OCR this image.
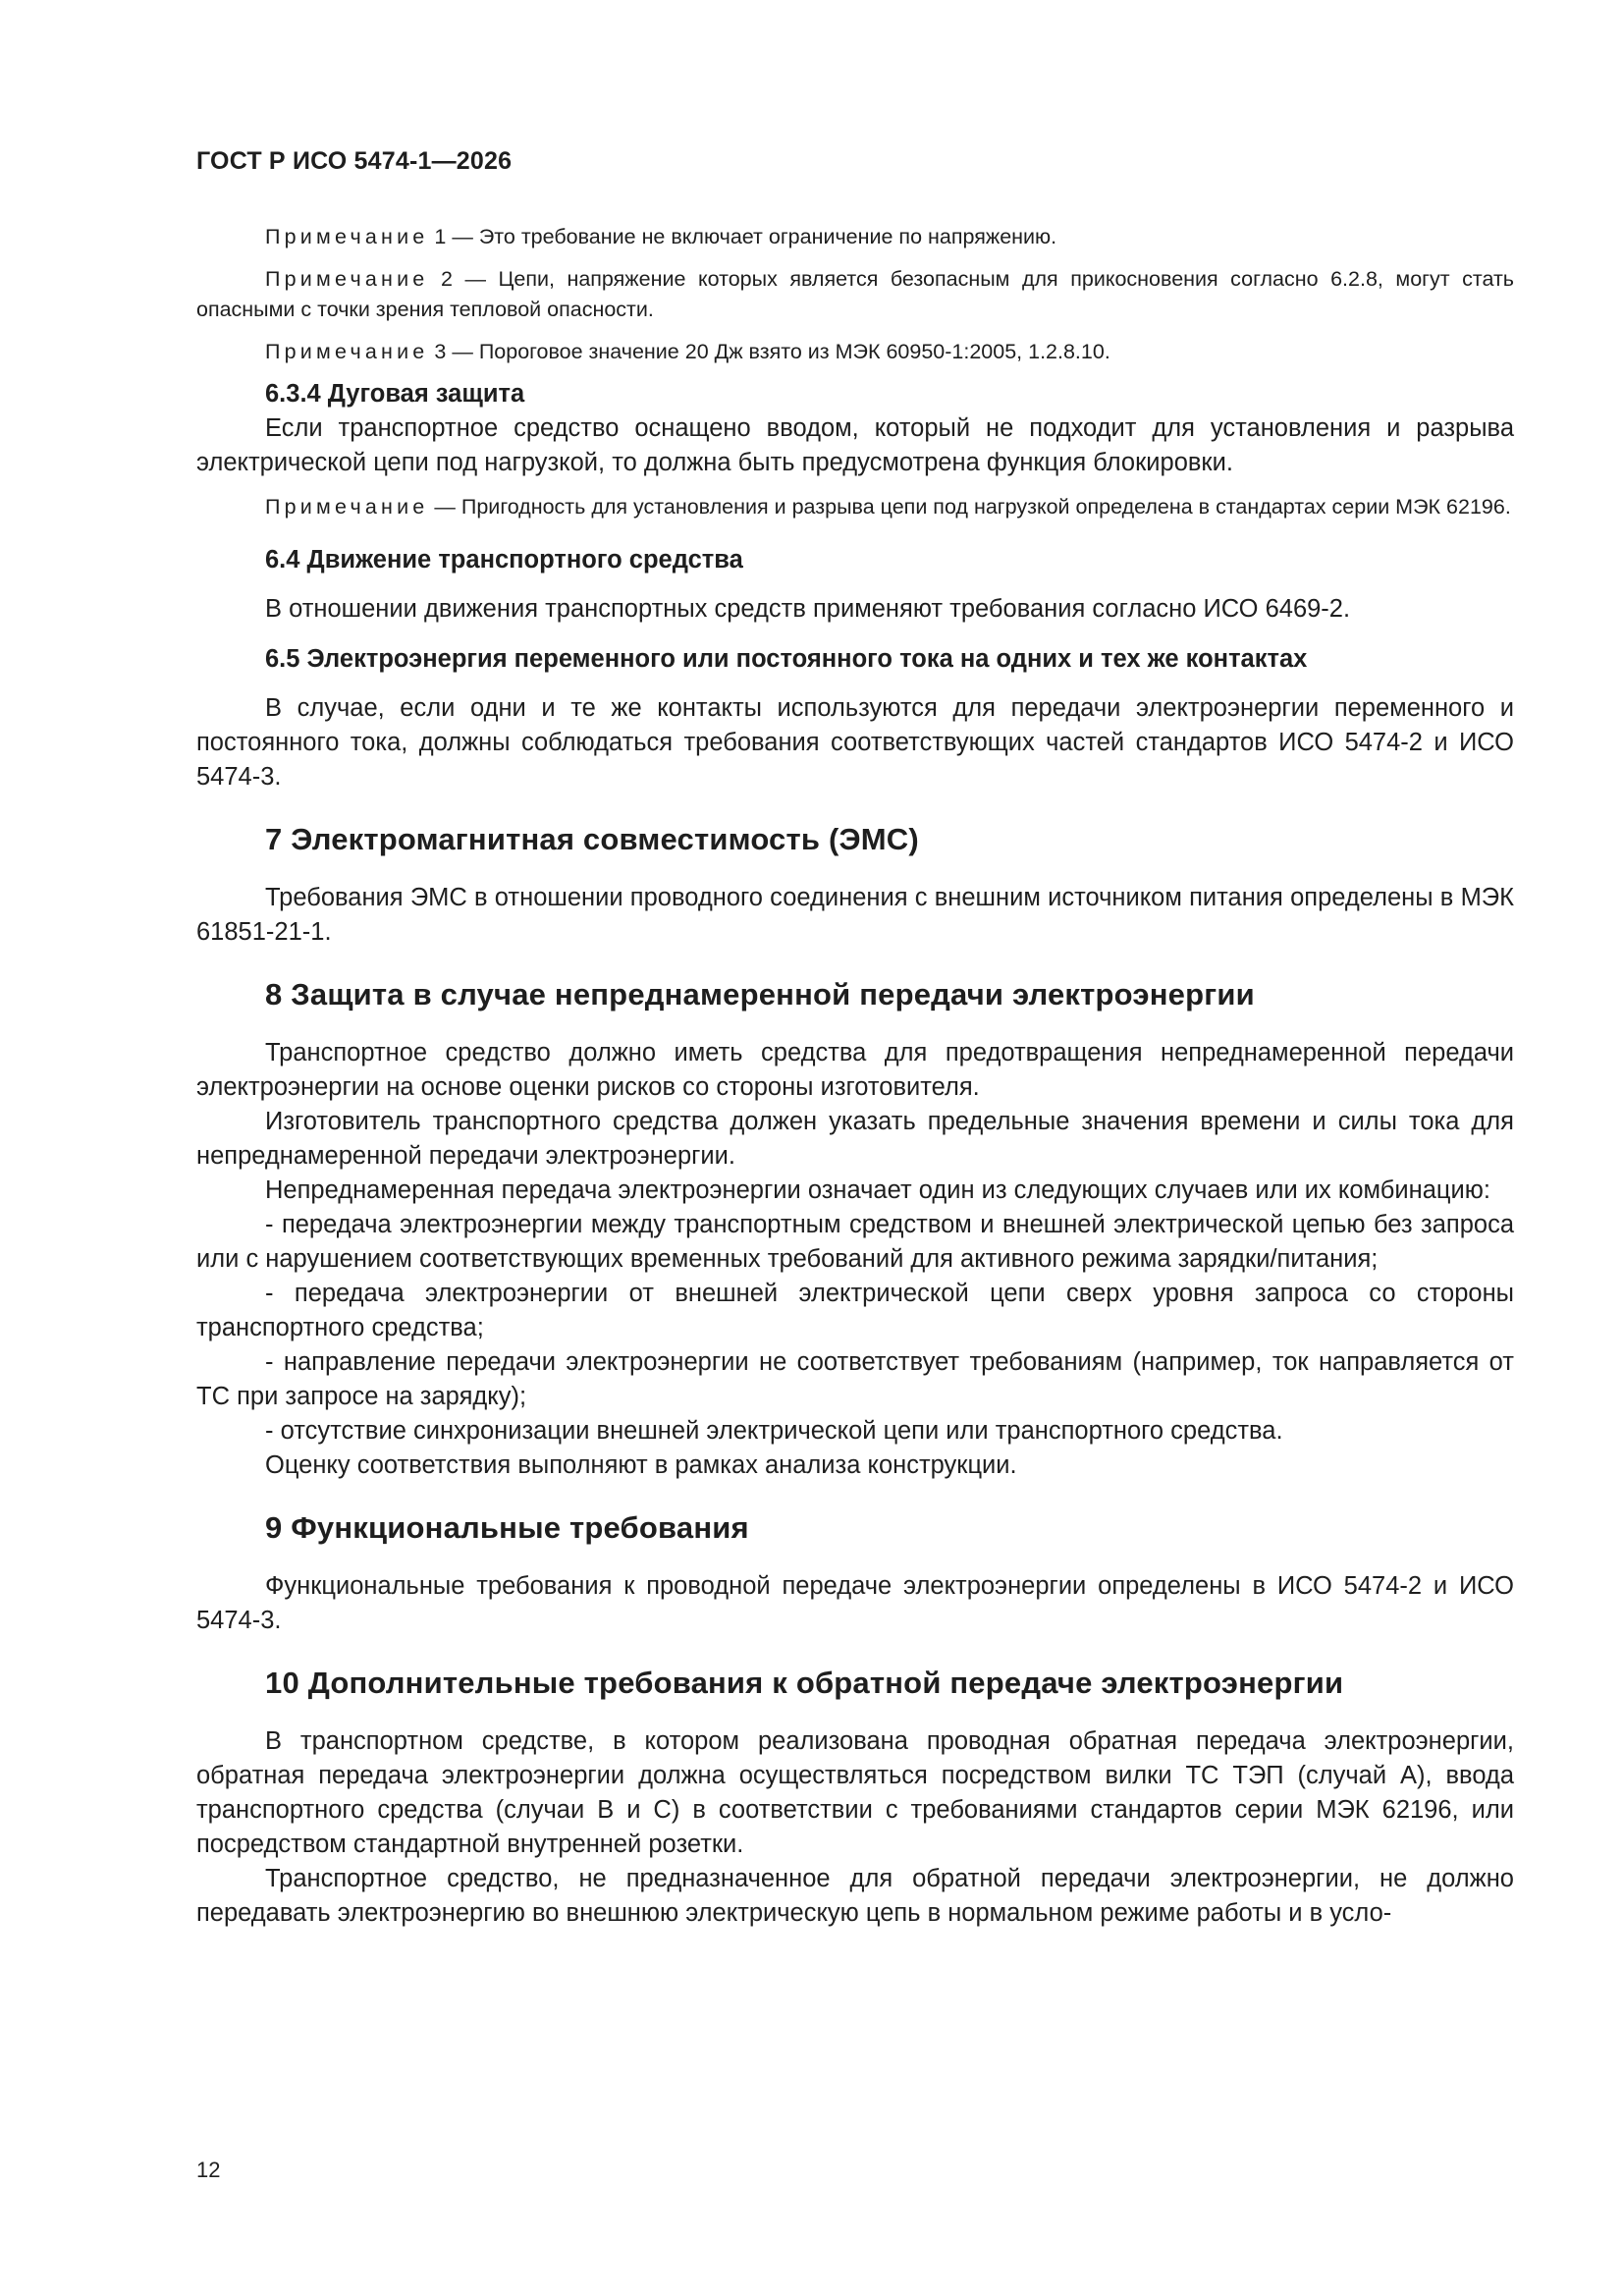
ГОСТ Р ИСО 5474-1—2026

Примечание 1 — Это требование не включает ограничение по напряжению.

Примечание 2 — Цепи, напряжение которых является безопасным для прикосновения согласно 6.2.8, могут стать опасными с точки зрения тепловой опасности.

Примечание 3 — Пороговое значение 20 Дж взято из МЭК 60950-1:2005, 1.2.8.10.

6.3.4 Дуговая защита

Если транспортное средство оснащено вводом, который не подходит для установления и разрыва электрической цепи под нагрузкой, то должна быть предусмотрена функция блокировки.

Примечание — Пригодность для установления и разрыва цепи под нагрузкой определена в стандартах серии МЭК 62196.

6.4 Движение транспортного средства

В отношении движения транспортных средств применяют требования согласно ИСО 6469-2.

6.5 Электроэнергия переменного или постоянного тока на одних и тех же контактах

В случае, если одни и те же контакты используются для передачи электроэнергии переменного и постоянного тока, должны соблюдаться требования соответствующих частей стандартов ИСО 5474-2 и ИСО 5474-3.

7 Электромагнитная совместимость (ЭМС)

Требования ЭМС в отношении проводного соединения с внешним источником питания определены в МЭК 61851-21-1.

8 Защита в случае непреднамеренной передачи электроэнергии

Транспортное средство должно иметь средства для предотвращения непреднамеренной передачи электроэнергии на основе оценки рисков со стороны изготовителя.

Изготовитель транспортного средства должен указать предельные значения времени и силы тока для непреднамеренной передачи электроэнергии.

Непреднамеренная передача электроэнергии означает один из следующих случаев или их комбинацию:

- передача электроэнергии между транспортным средством и внешней электрической цепью без запроса или с нарушением соответствующих временных требований для активного режима зарядки/питания;

- передача электроэнергии от внешней электрической цепи сверх уровня запроса со стороны транспортного средства;

- направление передачи электроэнергии не соответствует требованиям (например, ток направляется от ТС при запросе на зарядку);

- отсутствие синхронизации внешней электрической цепи или транспортного средства.

Оценку соответствия выполняют в рамках анализа конструкции.

9 Функциональные требования

Функциональные требования к проводной передаче электроэнергии определены в ИСО 5474-2 и ИСО 5474-3.

10 Дополнительные требования к обратной передаче электроэнергии

В транспортном средстве, в котором реализована проводная обратная передача электроэнергии, обратная передача электроэнергии должна осуществляться посредством вилки ТС ТЭП (случай А), ввода транспортного средства (случаи В и С) в соответствии с требованиями стандартов серии МЭК 62196, или посредством стандартной внутренней розетки.

Транспортное средство, не предназначенное для обратной передачи электроэнергии, не должно передавать электроэнергию во внешнюю электрическую цепь в нормальном режиме работы и в усло-

12
